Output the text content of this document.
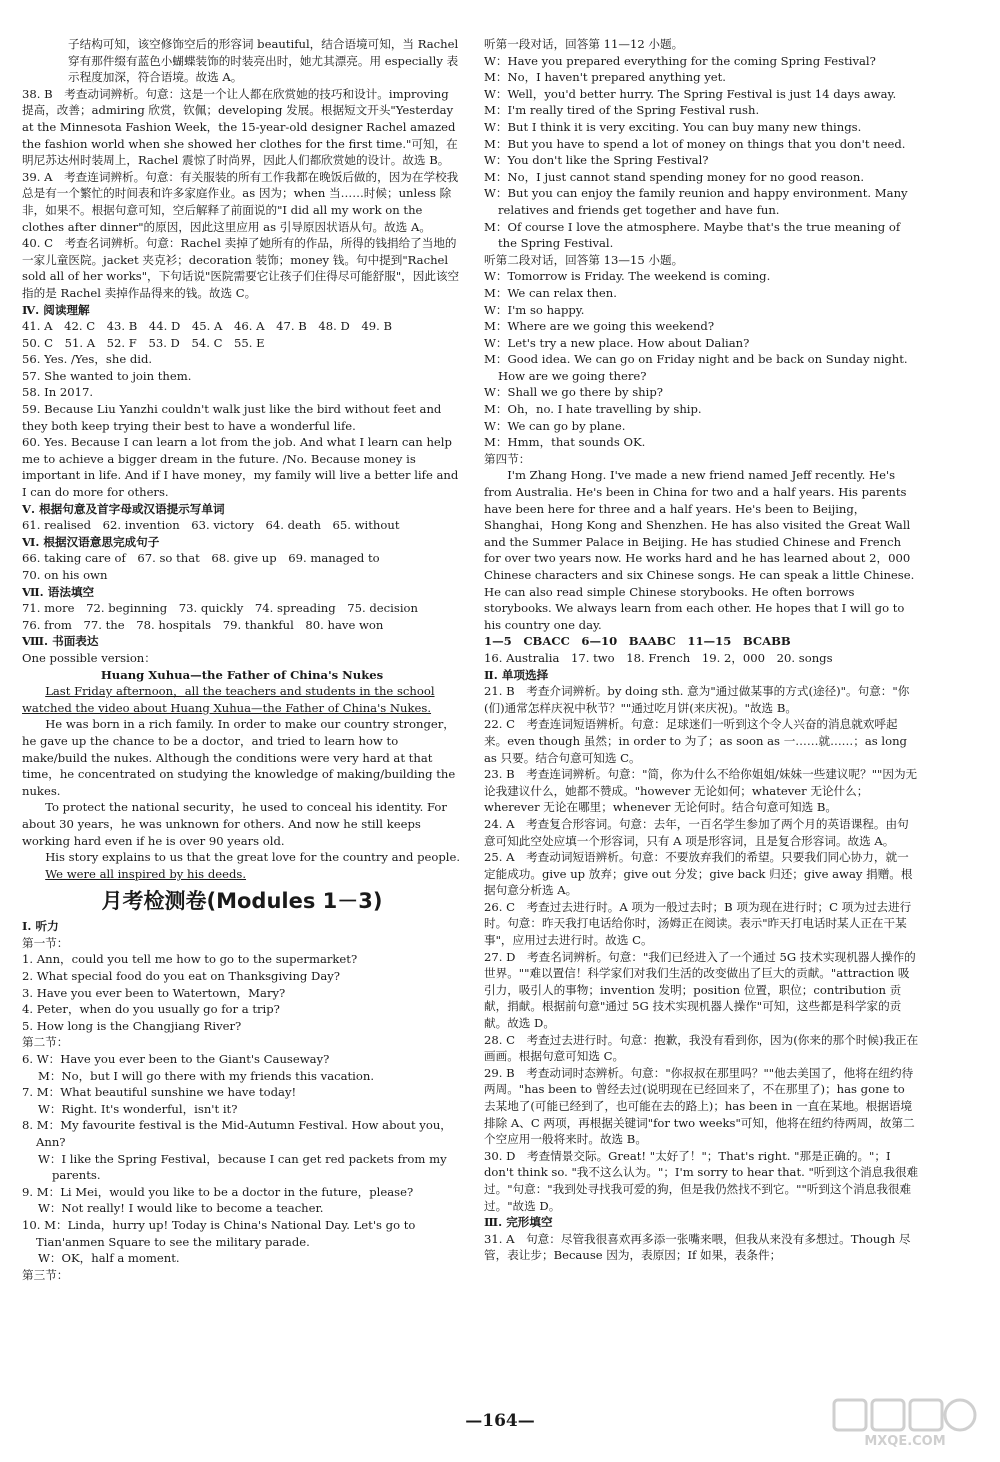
子结构可知，该空修饰空后的形容词 beautiful，结合语境可知，当 Rachel 穿有那件缀有蓝色小蝴蝶装饰的时装亮出时，她尤其漂亮。用 especially 表示程度加深，符合语境。故选 A。

38. B　考查动词辨析。句意：这是一个让人都在欣赏她的技巧和设计。improving 提高，改善；admiring 欣赏，钦佩；developing 发展。根据短文开头"Yesterday at the Minnesota Fashion Week，the 15-year-old designer Rachel amazed the fashion world when she showed her clothes for the first time."可知，在明尼苏达州时装周上，Rachel 震惊了时尚界，因此人们都欣赏她的设计。故选 B。

39. A　考查连词辨析。句意：有关服装的所有工作我都在晚饭后做的，因为在学校我总是有一个繁忙的时间表和许多家庭作业。as 因为；when 当……时候；unless 除非，如果不。根据句意可知，空后解释了前面说的"I did all my work on the clothes after dinner"的原因，因此这里应用 as 引导原因状语从句。故选 A。

40. C　考查名词辨析。句意：Rachel 卖掉了她所有的作品，所得的钱捐给了当地的一家儿童医院。jacket 夹克衫；decoration 装饰；money 钱。句中提到"Rachel sold all of her works"，下句话说"医院需要它让孩子们住得尽可能舒服"，因此该空指的是 Rachel 卖掉作品得来的钱。故选 C。

Ⅳ. 阅读理解

41. A　42. C　43. B　44. D　45. A　46. A　47. B　48. D　49. B

50. C　51. A　52. F　53. D　54. C　55. E

56. Yes. /Yes，she did.

57. She wanted to join them.

58. In 2017.

59. Because Liu Yanzhi couldn't walk just like the bird without feet and they both keep trying their best to have a wonderful life.

60. Yes. Because I can learn a lot from the job. And what I learn can help me to achieve a bigger dream in the future. /No. Because money is important in life. And if I have money，my family will live a better life and I can do more for others.

Ⅴ. 根据句意及首字母或汉语提示写单词

61. realised　62. invention　63. victory　64. death　65. without

Ⅵ. 根据汉语意思完成句子

66. taking care of　67. so that　68. give up　69. managed to

70. on his own

Ⅶ. 语法填空

71. more　72. beginning　73. quickly　74. spreading　75. decision

76. from　77. the　78. hospitals　79. thankful　80. have won

Ⅷ. 书面表达

One possible version：

Huang Xuhua—the Father of China's Nukes

Last Friday afternoon，all the teachers and students in the school watched the video about Huang Xuhua—the Father of China's Nukes.

He was born in a rich family. In order to make our country stronger，he gave up the chance to be a doctor，and tried to learn how to make/build the nukes. Although the conditions were very hard at that time，he concentrated on studying the knowledge of making/building the nukes.

To protect the national security，he used to conceal his identity. For about 30 years，he was unknown for others. And now he still keeps working hard even if he is over 90 years old.

His story explains to us that the great love for the country and people.

We were all inspired by his deeds.

月考检测卷(Modules 1－3)

Ⅰ. 听力

第一节：

1. Ann，could you tell me how to go to the supermarket?

2. What special food do you eat on Thanksgiving Day?

3. Have you ever been to Watertown，Mary?

4. Peter，when do you usually go for a trip?

5. How long is the Changjiang River?

第二节：

6. W：Have you ever been to the Giant's Causeway?

M：No，but I will go there with my friends this vacation.

7. M：What beautiful sunshine we have today!

W：Right. It's wonderful，isn't it?

8. M：My favourite festival is the Mid-Autumn Festival. How about you，Ann?

W：I like the Spring Festival，because I can get red packets from my parents.

9. M：Li Mei，would you like to be a doctor in the future，please?

W：Not really! I would like to become a teacher.

10. M：Linda，hurry up! Today is China's National Day. Let's go to Tian'anmen Square to see the military parade.

W：OK，half a moment.

第三节：

听第一段对话，回答第 11—12 小题。

W：Have you prepared everything for the coming Spring Festival?

M：No，I haven't prepared anything yet.

W：Well，you'd better hurry. The Spring Festival is just 14 days away.

M：I'm really tired of the Spring Festival rush.

W：But I think it is very exciting. You can buy many new things.

M：But you have to spend a lot of money on things that you don't need.

W：You don't like the Spring Festival?

M：No，I just cannot stand spending money for no good reason.

W：But you can enjoy the family reunion and happy environment. Many relatives and friends get together and have fun.

M：Of course I love the atmosphere. Maybe that's the true meaning of the Spring Festival.

听第二段对话，回答第 13—15 小题。

W：Tomorrow is Friday. The weekend is coming.

M：We can relax then.

W：I'm so happy.

M：Where are we going this weekend?

W：Let's try a new place. How about Dalian?

M：Good idea. We can go on Friday night and be back on Sunday night. How are we going there?

W：Shall we go there by ship?

M：Oh，no. I hate travelling by ship.

W：We can go by plane.

M：Hmm，that sounds OK.

第四节：

I'm Zhang Hong. I've made a new friend named Jeff recently. He's from Australia. He's been in China for two and a half years. His parents have been here for three and a half years. He's been to Beijing，Shanghai，Hong Kong and Shenzhen. He has also visited the Great Wall and the Summer Palace in Beijing. He has studied Chinese and French for over two years now. He works hard and he has learned about 2，000 Chinese characters and six Chinese songs. He can speak a little Chinese. He can also read simple Chinese storybooks. He often borrows storybooks. We always learn from each other. He hopes that I will go to his country one day.

1—5　CBACC　6—10　BAABC　11—15　BCABB

16. Australia　17. two　18. French　19. 2，000　20. songs

Ⅱ. 单项选择

21. B　考查介词辨析。by doing sth. 意为"通过做某事的方式(途径)"。句意："你(们)通常怎样庆祝中秋节？""通过吃月饼(来庆祝)。"故选 B。

22. C　考查连词短语辨析。句意：足球迷们一听到这个令人兴奋的消息就欢呼起来。even though 虽然；in order to 为了；as soon as 一……就……；as long as 只要。结合句意可知选 C。

23. B　考查连词辨析。句意："简，你为什么不给你姐姐/妹妹一些建议呢？""因为无论我建议什么，她都不赞成。"however 无论如何；whatever 无论什么；wherever 无论在哪里；whenever 无论何时。结合句意可知选 B。

24. A　考查复合形容词。句意：去年，一百名学生参加了两个月的英语课程。由句意可知此空处应填一个形容词，只有 A 项是形容词，且是复合形容词。故选 A。

25. A　考查动词短语辨析。句意：不要放弃我们的希望。只要我们同心协力，就一定能成功。give up 放弃；give out 分发；give back 归还；give away 捐赠。根据句意分析选 A。

26. C　考查过去进行时。A 项为一般过去时；B 项为现在进行时；C 项为过去进行时。句意：昨天我打电话给你时，汤姆正在阅读。表示"昨天打电话时某人正在干某事"，应用过去进行时。故选 C。

27. D　考查名词辨析。句意："我们已经进入了一个通过 5G 技术实现机器人操作的世界。""难以置信！科学家们对我们生活的改变做出了巨大的贡献。"attraction 吸引力，吸引人的事物；invention 发明；position 位置，职位；contribution 贡献，捐献。根据前句意"通过 5G 技术实现机器人操作"可知，这些都是科学家的贡献。故选 D。

28. C　考查过去进行时。句意：抱歉，我没有看到你，因为(你来的那个时候)我正在画画。根据句意可知选 C。

29. B　考查动词时态辨析。句意："你叔叔在那里吗？""他去美国了，他将在纽约待两周。"has been to 曾经去过(说明现在已经回来了，不在那里了)；has gone to 去某地了(可能已经到了，也可能在去的路上)；has been in 一直在某地。根据语境排除 A、C 两项，再根据关键词"for two weeks"可知，他将在纽约待两周，故第二个空应用一般将来时。故选 B。

30. D　考查情景交际。Great! "太好了！"；That's right. "那是正确的。"；I don't think so. "我不这么认为。"；I'm sorry to hear that. "听到这个消息我很难过。"句意："我到处寻找我可爱的狗，但是我仍然找不到它。""听到这个消息我很难过。"故选 D。

Ⅲ. 完形填空

31. A　句意：尽管我很喜欢再多添一张嘴来喂，但我从来没有多想过。Though 尽管，表让步；Because 因为，表原因；If 如果，表条件；

—164—
MXQE.COM
